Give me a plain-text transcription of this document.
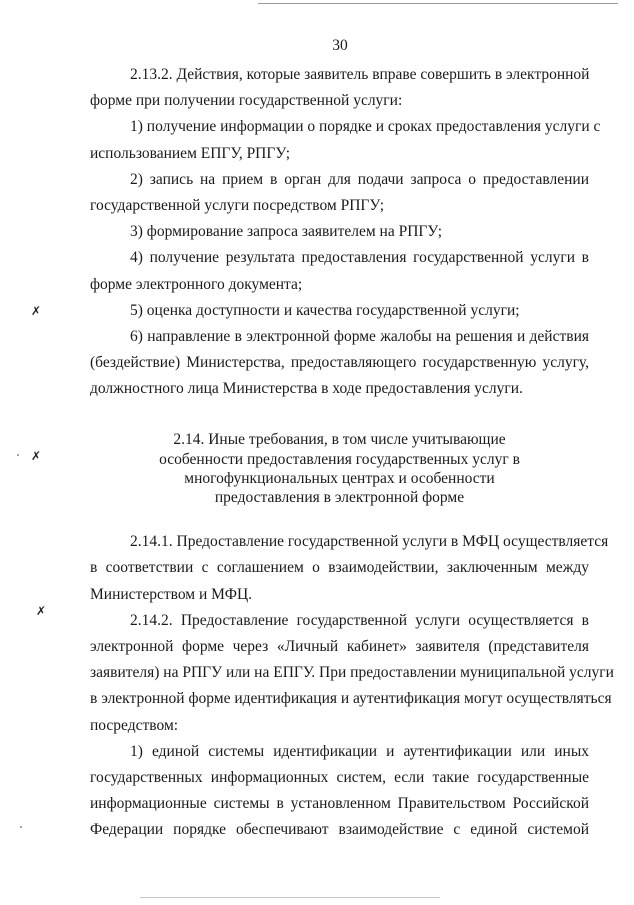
30
✗
✗
✗
2.13.2. Действия, которые заявитель вправе совершить в электронной
форме при получении государственной услуги:
1) получение информации о порядке и сроках предоставления услуги с
использованием ЕПГУ, РПГУ;
2) запись на прием в орган для подачи запроса о предоставлении
государственной услуги посредством РПГУ;
3) формирование запроса заявителем на РПГУ;
4) получение результата предоставления государственной услуги в
форме электронного документа;
5) оценка доступности и качества государственной услуги;
6) направление в электронной форме жалобы на решения и действия
(бездействие) Министерства, предоставляющего государственную услугу,
должностного лица Министерства в ходе предоставления услуги.
2.14. Иные требования, в том числе учитывающие
особенности предоставления государственных услуг в
многофункциональных центрах и особенности
предоставления в электронной форме
2.14.1. Предоставление государственной услуги в МФЦ осуществляется
в соответствии с соглашением о взаимодействии, заключенным между
Министерством и МФЦ.
2.14.2. Предоставление государственной услуги осуществляется в
электронной форме через «Личный кабинет» заявителя (представителя
заявителя) на РПГУ или на ЕПГУ. При предоставлении муниципальной услуги
в электронной форме идентификация и аутентификация могут осуществляться
посредством:
1) единой системы идентификации и аутентификации или иных
государственных информационных систем, если такие государственные
информационные системы в установленном Правительством Российской
Федерации порядке обеспечивают взаимодействие с единой системой
